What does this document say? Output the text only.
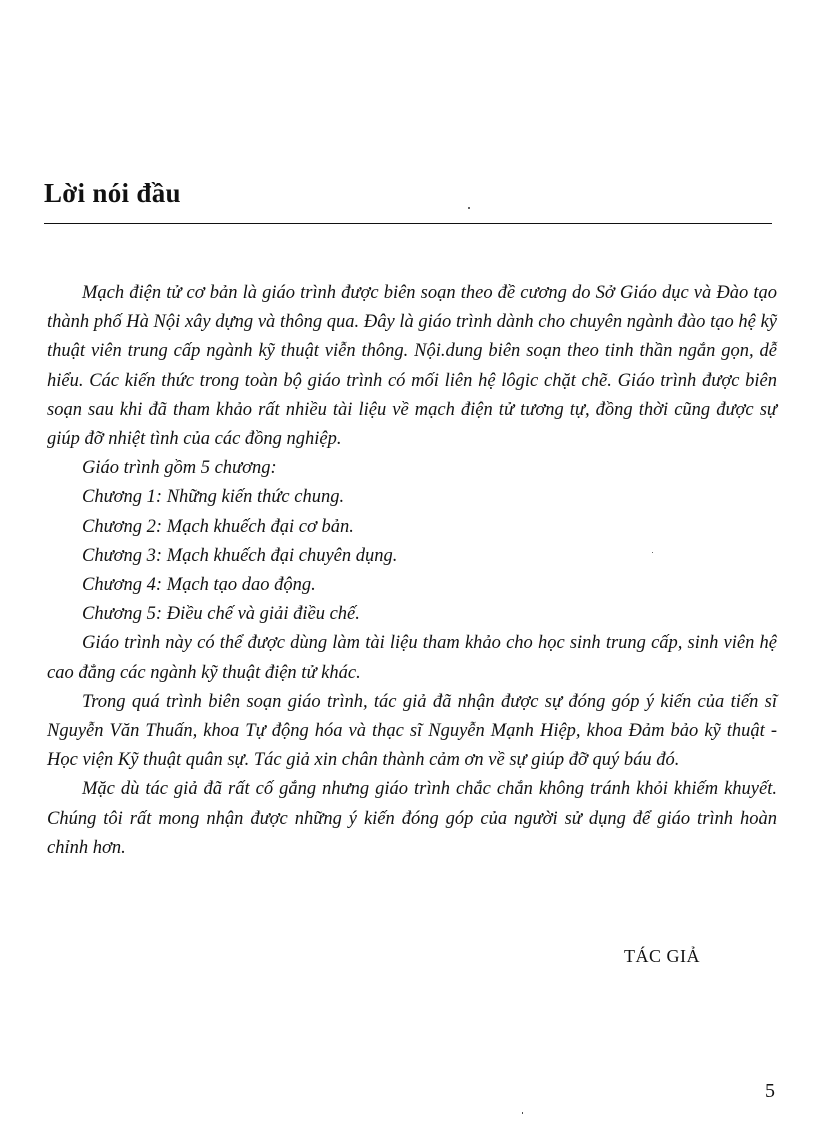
Lời nói đầu

Mạch điện tử cơ bản là giáo trình được biên soạn theo đề cương do Sở Giáo dục và Đào tạo thành phố Hà Nội xây dựng và thông qua. Đây là giáo trình dành cho chuyên ngành đào tạo hệ kỹ thuật viên trung cấp ngành kỹ thuật viễn thông. Nội.dung biên soạn theo tinh thần ngắn gọn, dễ hiểu. Các kiến thức trong toàn bộ giáo trình có mối liên hệ lôgic chặt chẽ. Giáo trình được biên soạn sau khi đã tham khảo rất nhiều tài liệu về mạch điện tử tương tự, đồng thời cũng được sự giúp đỡ nhiệt tình của các đồng nghiệp.

Giáo trình gồm 5 chương:

Chương 1: Những kiến thức chung.

Chương 2: Mạch khuếch đại cơ bản.

Chương 3: Mạch khuếch đại chuyên dụng.

Chương 4: Mạch tạo dao động.

Chương 5: Điều chế và giải điều chế.

Giáo trình này có thể được dùng làm tài liệu tham khảo cho học sinh trung cấp, sinh viên hệ cao đẳng các ngành kỹ thuật điện tử khác.

Trong quá trình biên soạn giáo trình, tác giả đã nhận được sự đóng góp ý kiến của tiến sĩ Nguyễn Văn Thuấn, khoa Tự động hóa và thạc sĩ Nguyễn Mạnh Hiệp, khoa Đảm bảo kỹ thuật - Học viện Kỹ thuật quân sự. Tác giả xin chân thành cảm ơn về sự giúp đỡ quý báu đó.

Mặc dù tác giả đã rất cố gắng nhưng giáo trình chắc chắn không tránh khỏi khiếm khuyết. Chúng tôi rất mong nhận được những ý kiến đóng góp của người sử dụng để giáo trình hoàn chỉnh hơn.

TÁC GIẢ
5
